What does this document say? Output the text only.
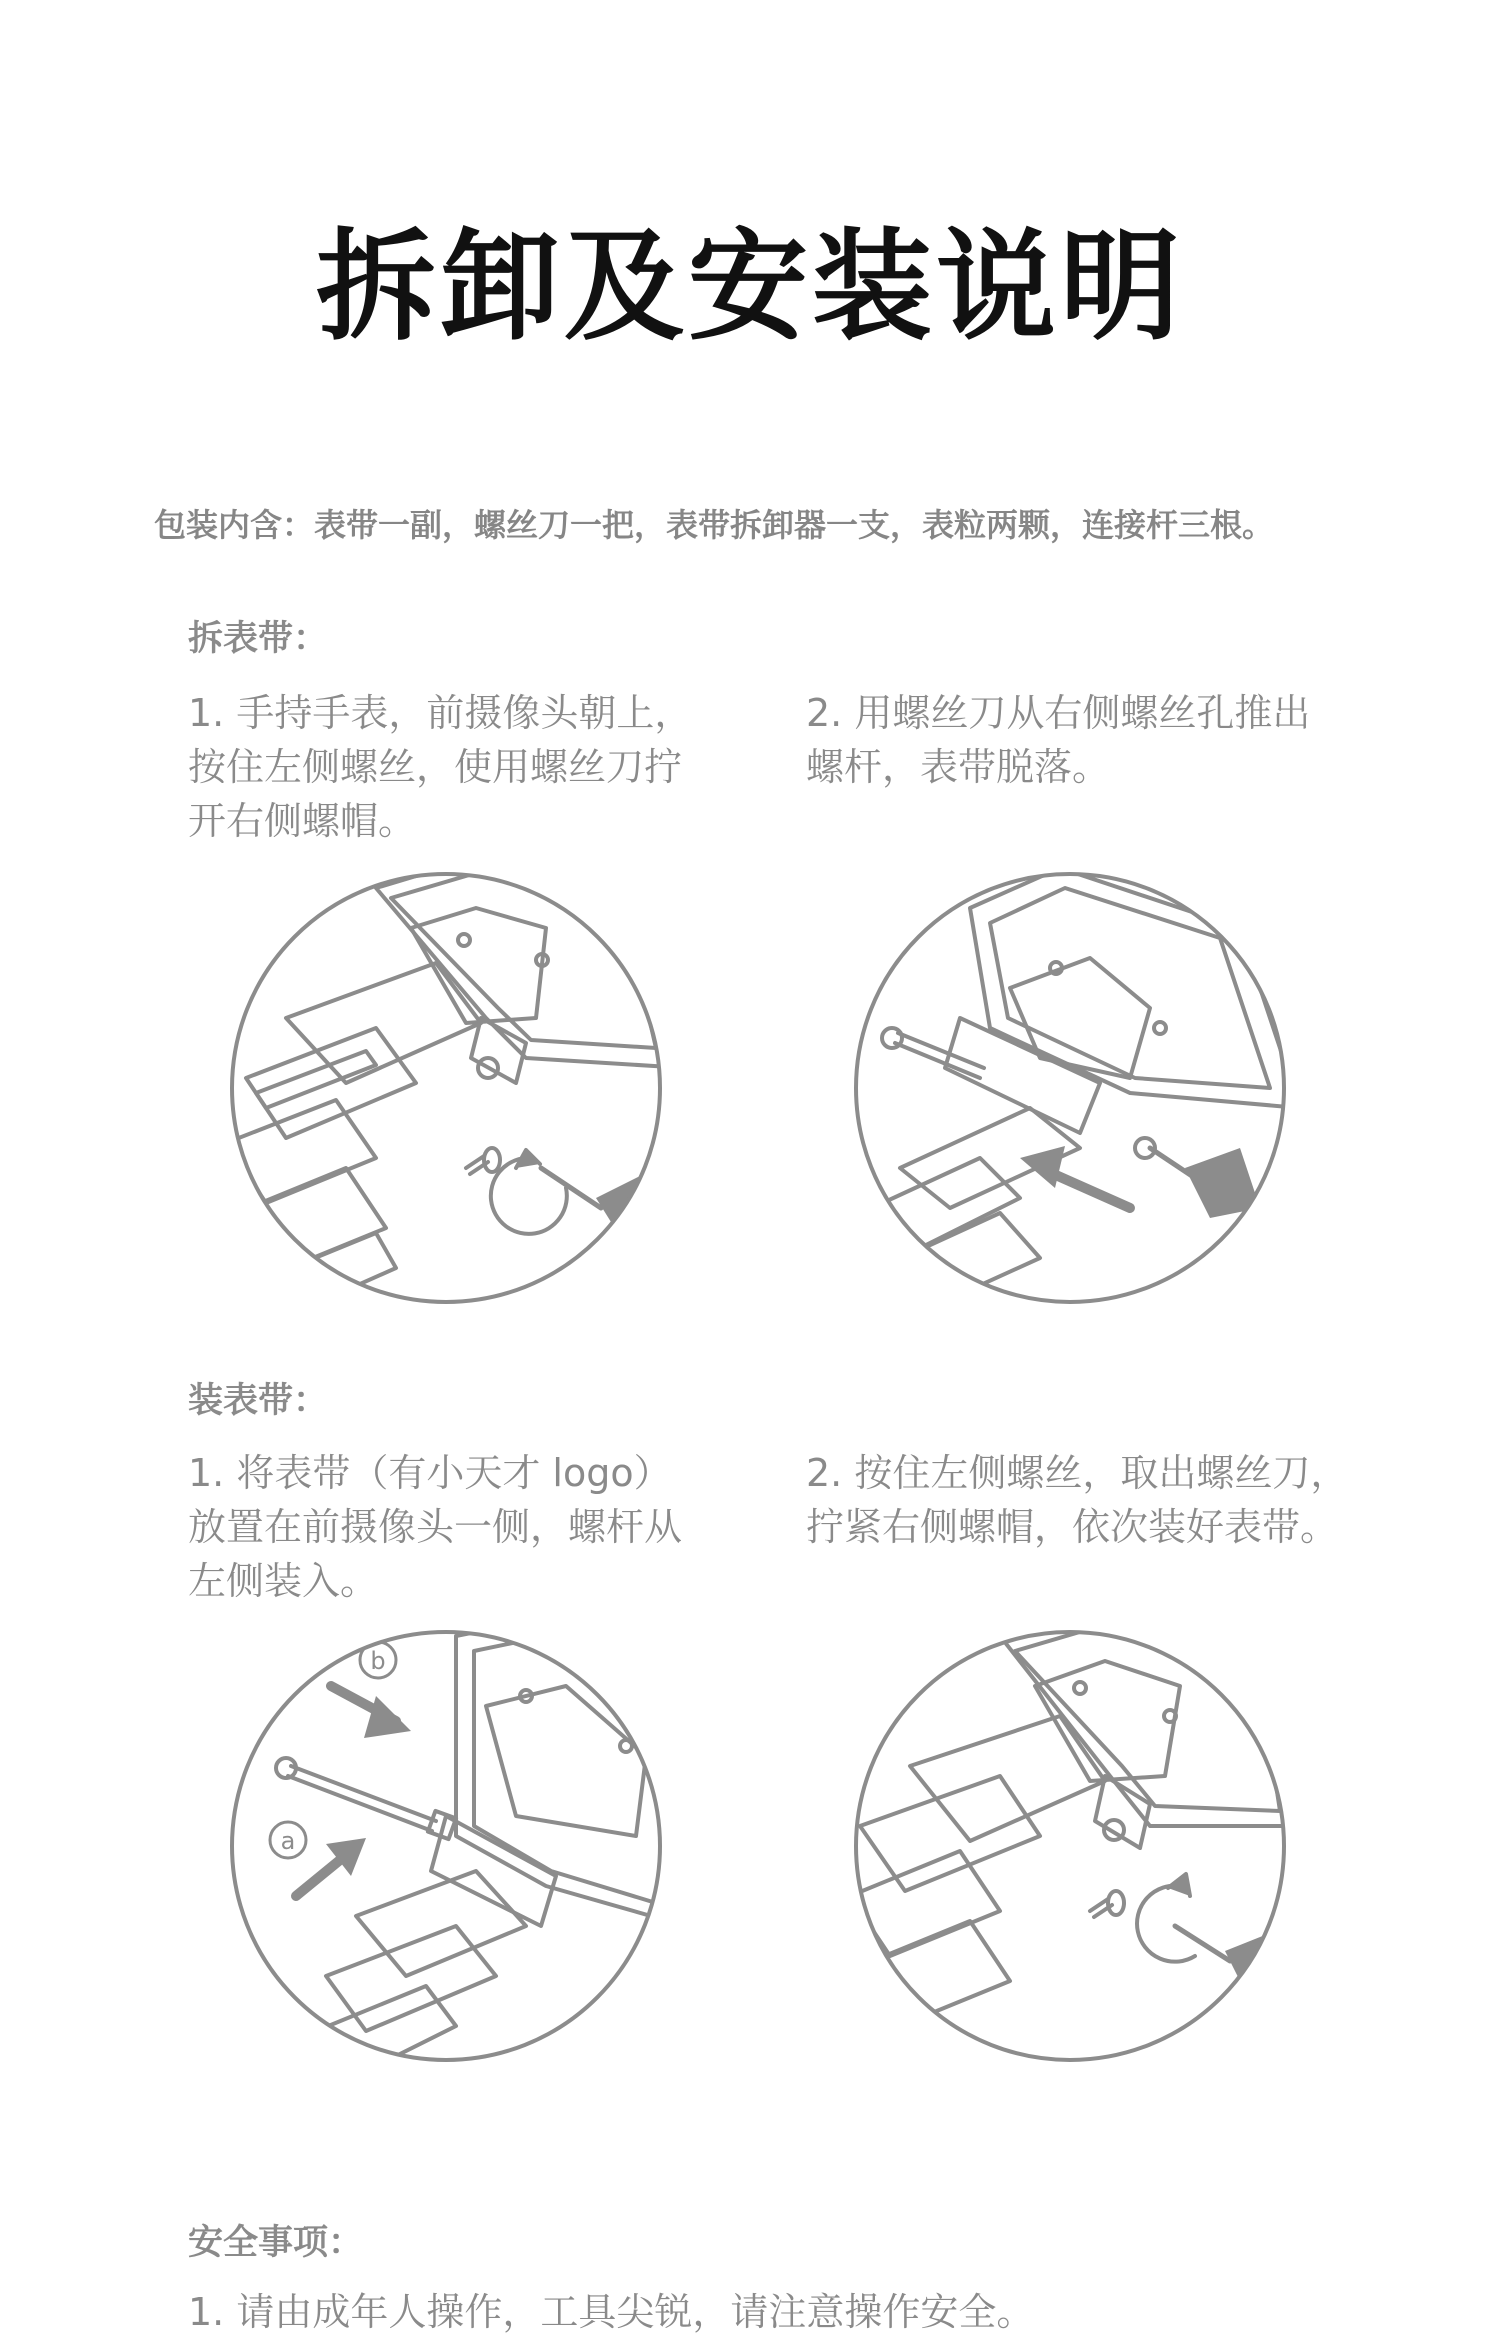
拆卸及安装说明
包装内含：表带一副，螺丝刀一把，表带拆卸器一支，表粒两颗，连接杆三根。
拆表带：
1. 手持手表，前摄像头朝上，
按住左侧螺丝，使用螺丝刀拧
开右侧螺帽。
2. 用螺丝刀从右侧螺丝孔推出
螺杆，表带脱落。
装表带：
1. 将表带（有小天才 logo）
放置在前摄像头一侧，螺杆从
左侧装入。
2. 按住左侧螺丝，取出螺丝刀，
拧紧右侧螺帽，依次装好表带。
b
a
安全事项：
1. 请由成年人操作，工具尖锐，请注意操作安全。
